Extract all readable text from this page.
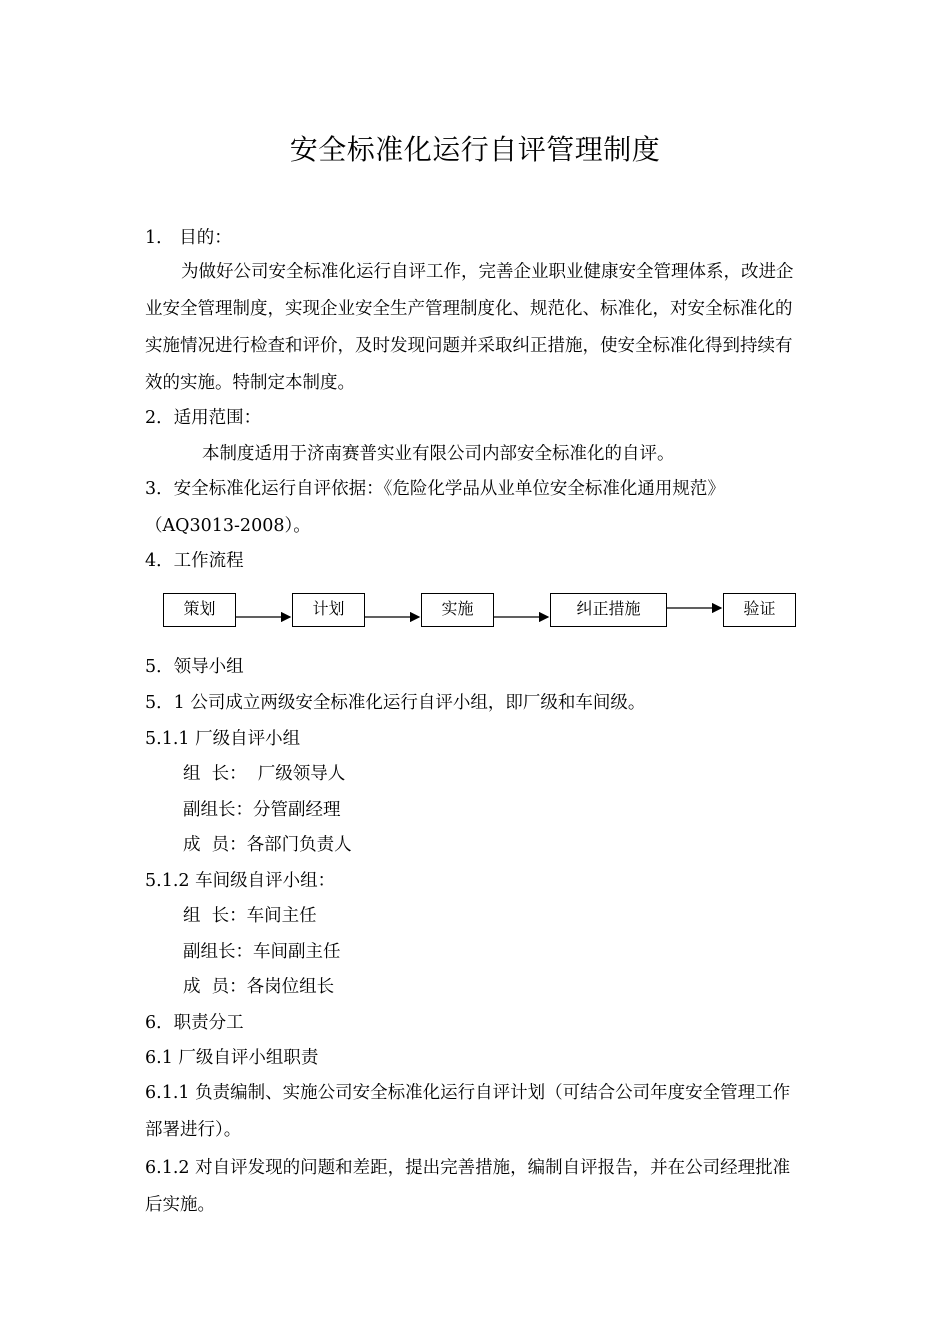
安全标准化运行自评管理制度
1． 目的：
为做好公司安全标准化运行自评工作，完善企业职业健康安全管理体系，改进企业安全管理制度，实现企业安全生产管理制度化、规范化、标准化，对安全标准化的实施情况进行检查和评价，及时发现问题并采取纠正措施，使安全标准化得到持续有效的实施。特制定本制度。
2．适用范围：
本制度适用于济南赛普实业有限公司内部安全标准化的自评。
3．安全标准化运行自评依据：《危险化学品从业单位安全标准化通用规范》
（AQ3013-2008）。
4．工作流程
策划	计划	实施	纠正措施	验证
5．领导小组
5．1 公司成立两级安全标准化运行自评小组，即厂级和车间级。
5.1.1 厂级自评小组
组  长：  厂级领导人
副组长：分管副经理
成  员：各部门负责人
5.1.2 车间级自评小组：
组  长：车间主任
副组长：车间副主任
成  员：各岗位组长
6．职责分工
6.1 厂级自评小组职责
6.1.1 负责编制、实施公司安全标准化运行自评计划（可结合公司年度安全管理工作部署进行）。
6.1.2 对自评发现的问题和差距，提出完善措施，编制自评报告，并在公司经理批准后实施。
